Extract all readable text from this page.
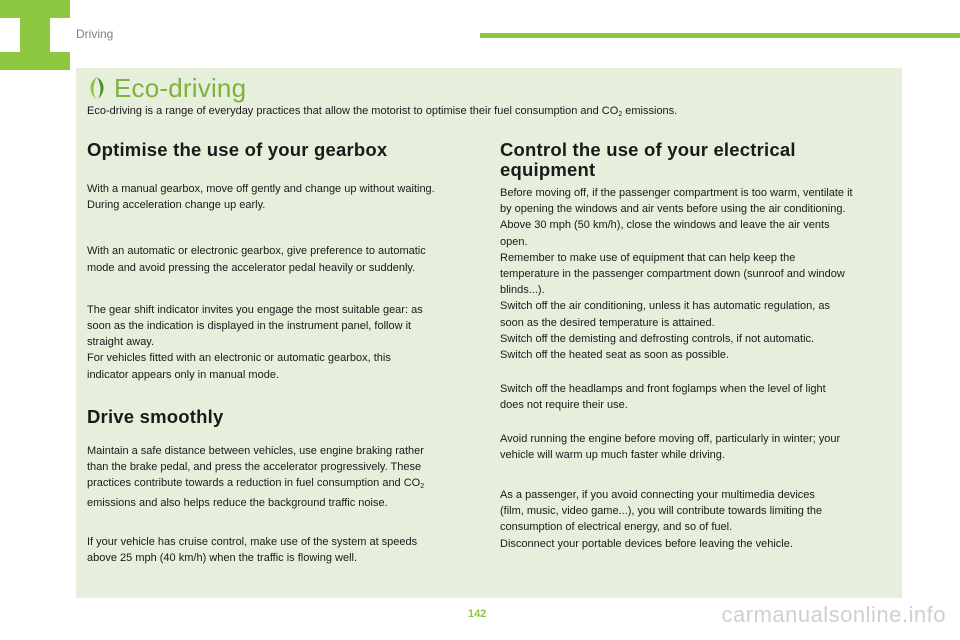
Driving
Eco-driving
Eco-driving is a range of everyday practices that allow the motorist to optimise their fuel consumption and $CO_2$ emissions.
Optimise the use of your gearbox

With a manual gearbox, move off gently and change up without waiting.
During acceleration change up early.

With an automatic or electronic gearbox, give preference to automatic
mode and avoid pressing the accelerator pedal heavily or suddenly.

The gear shift indicator invites you engage the most suitable gear: as
soon as the indication is displayed in the instrument panel, follow it
straight away.
For vehicles fitted with an electronic or automatic gearbox, this
indicator appears only in manual mode.

Drive smoothly

Maintain a safe distance between vehicles, use engine braking rather
than the brake pedal, and press the accelerator progressively. These
practices contribute towards a reduction in fuel consumption and $CO_2$
emissions and also helps reduce the background traffic noise.

If your vehicle has cruise control, make use of the system at speeds
above 25 mph (40 km/h) when the traffic is flowing well.

Control the use of your electrical
equipment

Before moving off, if the passenger compartment is too warm, ventilate it
by opening the windows and air vents before using the air conditioning.
Above 30 mph (50 km/h), close the windows and leave the air vents
open.
Remember to make use of equipment that can help keep the
temperature in the passenger compartment down (sunroof and window
blinds...).
Switch off the air conditioning, unless it has automatic regulation, as
soon as the desired temperature is attained.
Switch off the demisting and defrosting controls, if not automatic.
Switch off the heated seat as soon as possible.

Switch off the headlamps and front foglamps when the level of light
does not require their use.

Avoid running the engine before moving off, particularly in winter; your
vehicle will warm up much faster while driving.

As a passenger, if you avoid connecting your multimedia devices
(film, music, video game...), you will contribute towards limiting the
consumption of electrical energy, and so of fuel.
Disconnect your portable devices before leaving the vehicle.

142	carmanualsonline.info
